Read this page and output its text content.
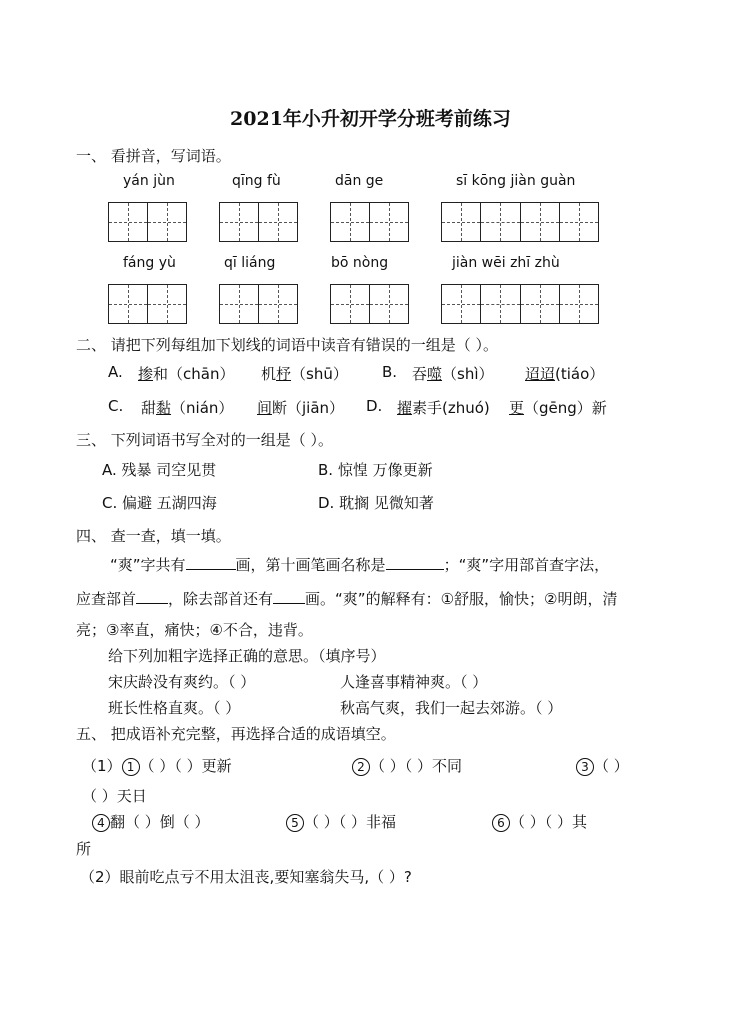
2021年小升初开学分班考前练习
一、 看拼音，写词语。
yán jùn	qīng fù	dān ge	sī kōng jiàn guàn
fáng yù	qī liáng	bō nòng	jiàn wēi zhī zhù
二、 请把下列每组加下划线的词语中读音有错误的一组是（ ）。
A. 掺和（chān） 机杼（shū） B. 吞噬（shì） 迢迢(tiáo）
C. 甜黏（nián） 间断（jiān） D. 擢素手(zhuó) 更（gēng）新
三、 下列词语书写全对的一组是（ ）。
A. 残暴 司空见贯	B. 惊惶 万像更新
C. 偏避 五湖四海	D. 耽搁 见微知著
四、 查一查，填一填。
“爽”字共有	画，第十画笔画名称是	；“爽”字用部首查字法，
应查部首 ，除去部首还有 画。“爽”的解释有：①舒服，愉快；②明朗，清
亮；③率直，痛快；④不合，违背。
给下列加粗字选择正确的意思。（填序号）
宋庆龄没有爽约。（ ）	人逢喜事精神爽。（ ）
班长性格直爽。（ ）	秋高气爽，我们一起去郊游。（ ）
五、 把成语补充完整，再选择合适的成语填空。
（1） 1 （ ）（ ）更新	2 （ ）（ ）不同	3 （ ）
（ ）天日
4 翻（ ）倒（ ）	5 （ ）（ ）非福	6 （ ）（ ）其
所
（2）眼前吃点亏不用太沮丧,要知塞翁失马,（ ）?
